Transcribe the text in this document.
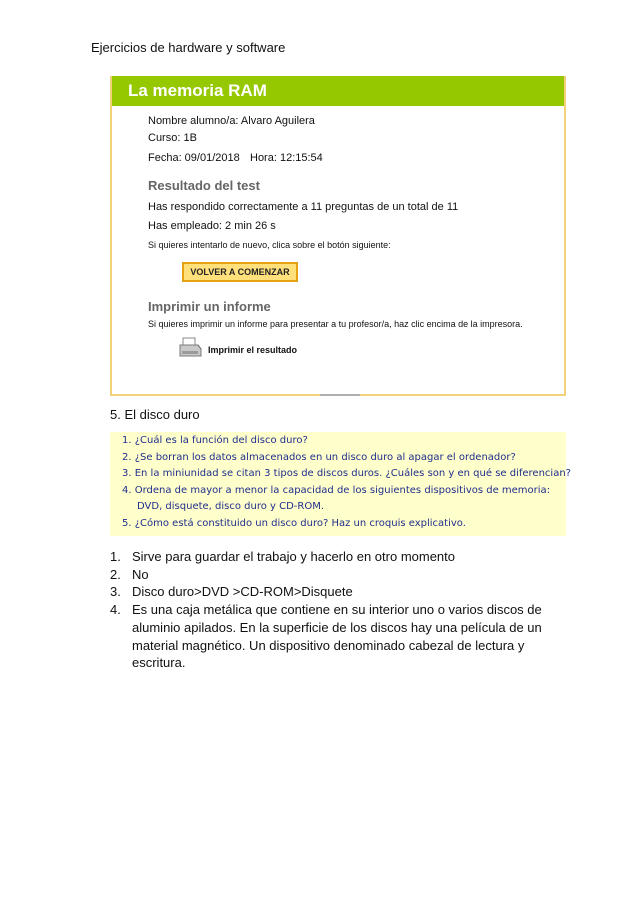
Ejercicios de hardware y software
La memoria RAM
Nombre alumno/a: Alvaro Aguilera
Curso: 1B
Fecha: 09/01/2018 Hora: 12:15:54
Resultado del test
Has respondido correctamente a 11 preguntas de un total de 11
Has empleado: 2 min 26 s
Si quieres intentarlo de nuevo, clica sobre el botón siguiente:
VOLVER A COMENZAR
Imprimir un informe
Si quieres imprimir un informe para presentar a tu profesor/a, haz clic encima de la impresora.
Imprimir el resultado
5. El disco duro
1. ¿Cuál es la función del disco duro?
2. ¿Se borran los datos almacenados en un disco duro al apagar el ordenador?
3. En la miniunidad se citan 3 tipos de discos duros. ¿Cuáles son y en qué se diferencian?
4. Ordena de mayor a menor la capacidad de los siguientes dispositivos de memoria:
DVD, disquete, disco duro y CD-ROM.
5. ¿Cómo está constituido un disco duro? Haz un croquis explicativo.
1. Sirve para guardar el trabajo y hacerlo en otro momento
2. No
3. Disco duro>DVD >CD-ROM>Disquete
4. Es una caja metálica que contiene en su interior uno o varios discos de aluminio apilados. En la superficie de los discos hay una película de un material magnético. Un dispositivo denominado cabezal de lectura y escritura.
